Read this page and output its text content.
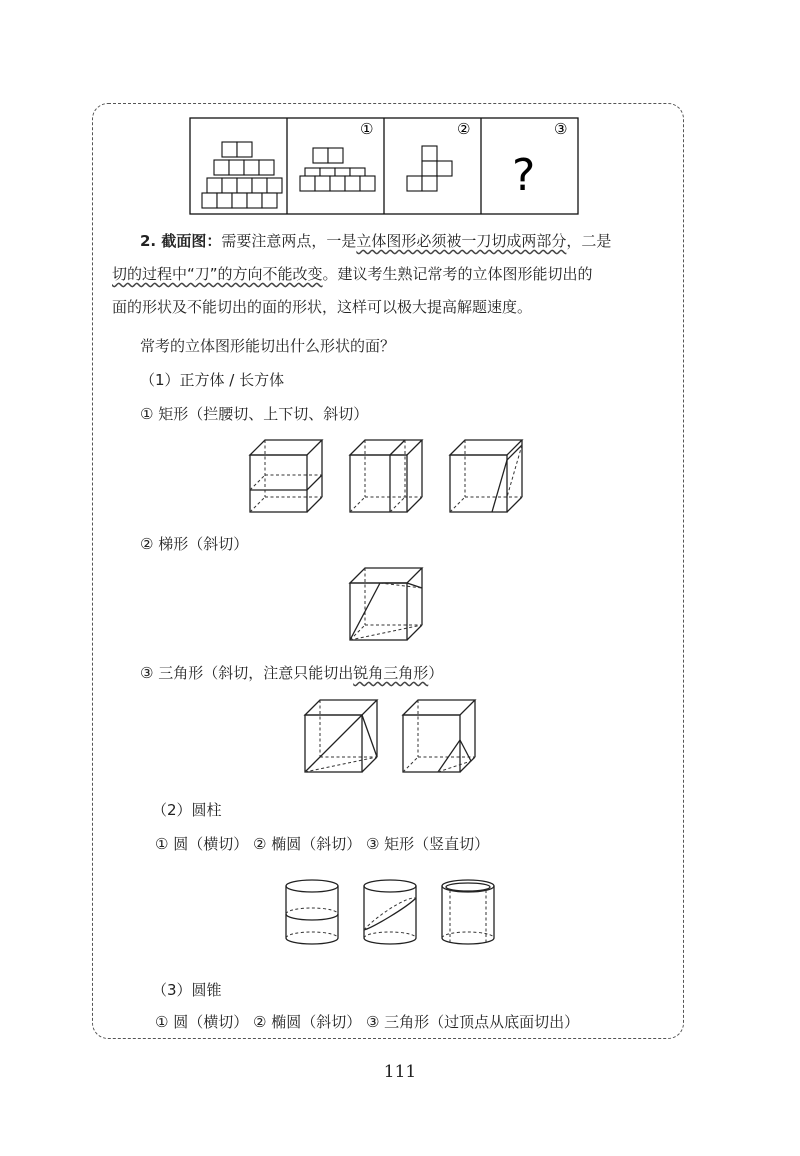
①	②	③
?
2. 截面图：需要注意两点，一是立体图形必须被一刀切成两部分，二是
切的过程中“刀”的方向不能改变。建议考生熟记常考的立体图形能切出的
面的形状及不能切出的面的形状，这样可以极大提高解题速度。
常考的立体图形能切出什么形状的面？
（1）正方体 / 长方体
① 矩形（拦腰切、上下切、斜切）
② 梯形（斜切）
③ 三角形（斜切，注意只能切出锐角三角形）
（2）圆柱
① 圆（横切） ② 椭圆（斜切） ③ 矩形（竖直切）
（3）圆锥
① 圆（横切） ② 椭圆（斜切） ③ 三角形（过顶点从底面切出）
111
